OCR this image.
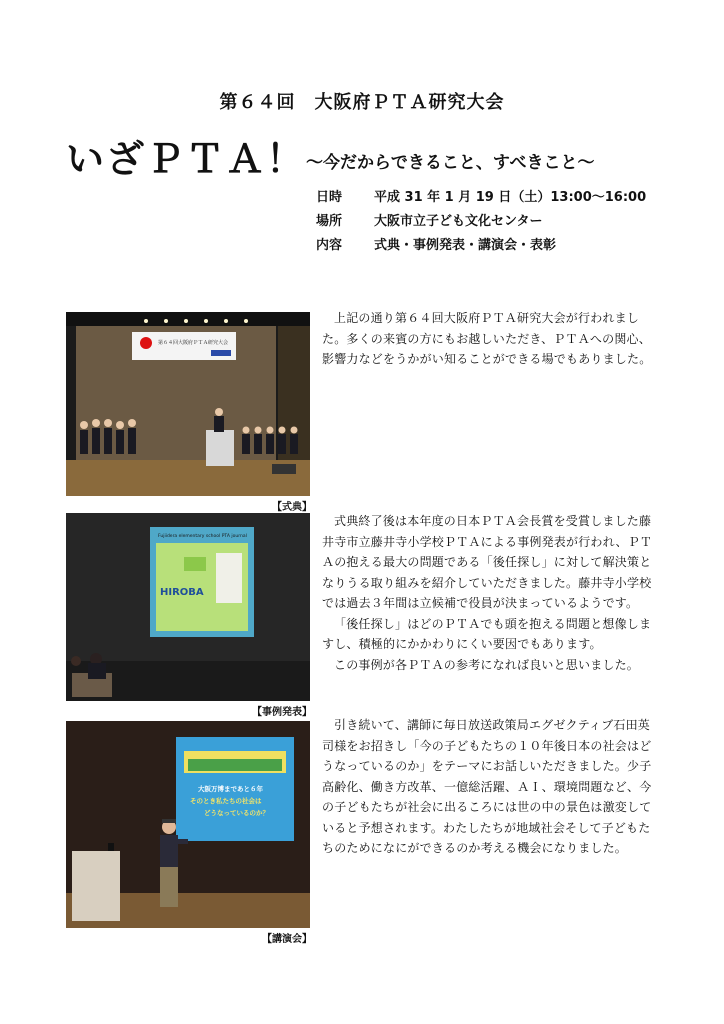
第６４回　大阪府ＰＴＡ研究大会
いざＰＴＡ！ ～今だからできること、すべきこと～
日時	平成 31 年 1 月 19 日（土）13:00～16:00
場所	大阪市立子ども文化センター
内容	式典・事例発表・講演会・表彰
第６４回大阪府ＰＴＡ研究大会
【式典】
Fujiidera elementary school PTA journal
HIROBA
【事例発表】
大阪万博まであと６年
そのとき私たちの社会は
どうなっているのか？
【講演会】

上記の通り第６４回大阪府ＰＴＡ研究大会が行われました。多くの来賓の方にもお越しいただき、ＰＴＡへの関心、影響力などをうかがい知ることができる場でもありました。

式典終了後は本年度の日本ＰＴＡ会長賞を受賞しました藤井寺市立藤井寺小学校ＰＴＡによる事例発表が行われ、ＰＴＡの抱える最大の問題である「後任探し」に対して解決策となりうる取り組みを紹介していただきました。藤井寺小学校では過去３年間は立候補で役員が決まっているようです。

「後任探し」はどのＰＴＡでも頭を抱える問題と想像しますし、積極的にかかわりにくい要因でもあります。

この事例が各ＰＴＡの参考になれば良いと思いました。

引き続いて、講師に毎日放送政策局エグゼクティブ石田英司様をお招きし「今の子どもたちの１０年後日本の社会はどうなっているのか」をテーマにお話しいただきました。少子高齢化、働き方改革、一億総活躍、ＡＩ、環境問題など、今の子どもたちが社会に出るころには世の中の景色は激変していると予想されます。わたしたちが地域社会そして子どもたちのためになにができるのか考える機会になりました。
